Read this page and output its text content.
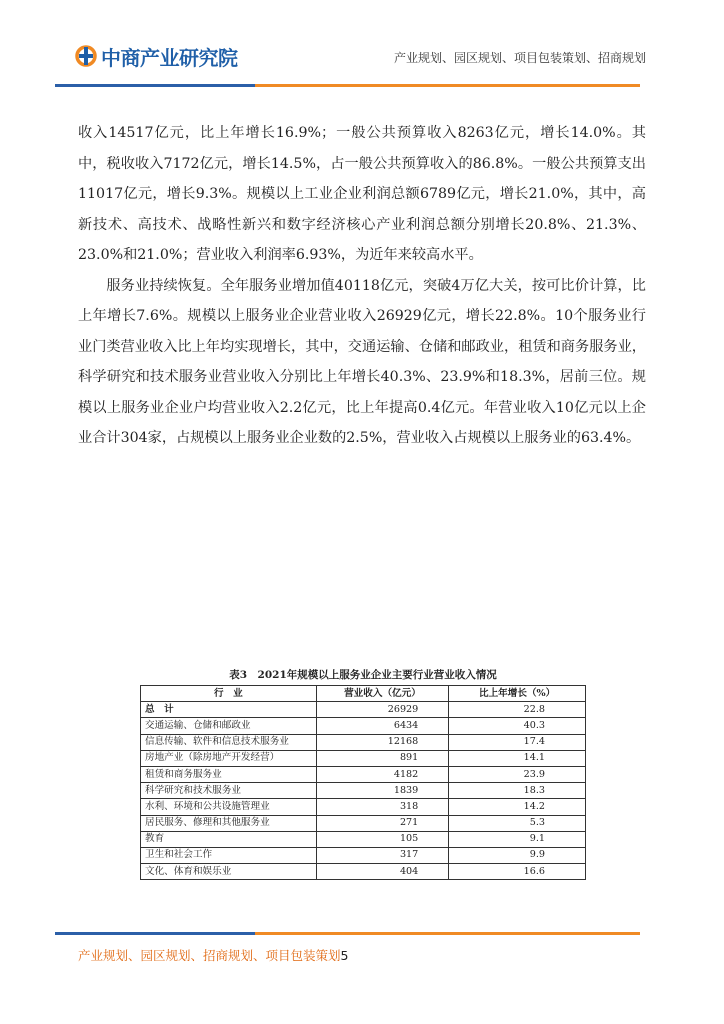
中商产业研究院	产业规划、园区规划、项目包装策划、招商规划

收入14517亿元，比上年增长16.9%；一般公共预算收入8263亿元，增长14.0%。其中，税收收入7172亿元，增长14.5%，占一般公共预算收入的86.8%。一般公共预算支出11017亿元，增长9.3%。规模以上工业企业利润总额6789亿元，增长21.0%，其中，高新技术、高技术、战略性新兴和数字经济核心产业利润总额分别增长20.8%、21.3%、23.0%和21.0%；营业收入利润率6.93%，为近年来较高水平。

服务业持续恢复。全年服务业增加值40118亿元，突破4万亿大关，按可比价计算，比上年增长7.6%。规模以上服务业企业营业收入26929亿元，增长22.8%。10个服务业行业门类营业收入比上年均实现增长，其中，交通运输、仓储和邮政业，租赁和商务服务业，科学研究和技术服务业营业收入分别比上年增长40.3%、23.9%和18.3%，居前三位。规模以上服务业企业户均营业收入2.2亿元，比上年提高0.4亿元。年营业收入10亿元以上企业合计304家，占规模以上服务业企业数的2.5%，营业收入占规模以上服务业的63.4%。

表3　2021年规模以上服务业企业主要行业营业收入情况
行　业	营业收入（亿元）	比上年增长（%）
总　计	26929	22.8
交通运输、仓储和邮政业	6434	40.3
信息传输、软件和信息技术服务业	12168	17.4
房地产业（除房地产开发经营）	891	14.1
租赁和商务服务业	4182	23.9
科学研究和技术服务业	1839	18.3
水利、环境和公共设施管理业	318	14.2
居民服务、修理和其他服务业	271	5.3
教育	105	9.1
卫生和社会工作	317	9.9
文化、体育和娱乐业	404	16.6
产业规划、园区规划、招商规划、项目包装策划5
